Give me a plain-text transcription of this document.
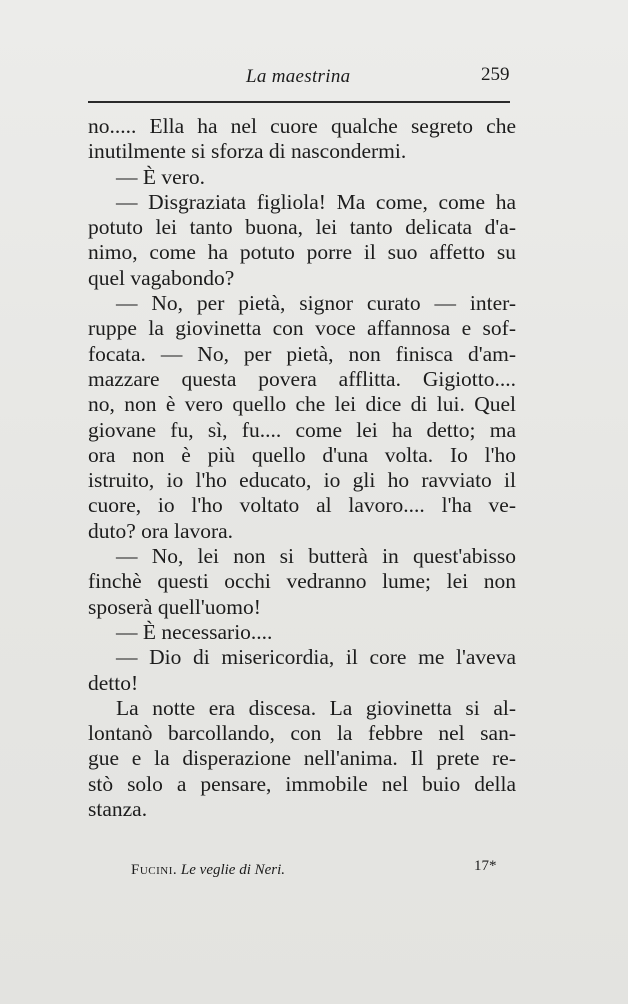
La maestrina	259
no..... Ella ha nel cuore qualche segreto che
inutilmente si sforza di nascondermi.
— È vero.
— Disgraziata figliola! Ma come, come ha
potuto lei tanto buona, lei tanto delicata d'a-
nimo, come ha potuto porre il suo affetto su
quel vagabondo?
— No, per pietà, signor curato — inter-
ruppe la giovinetta con voce affannosa e sof-
focata. — No, per pietà, non finisca d'am-
mazzare questa povera afflitta. Gigiotto....
no, non è vero quello che lei dice di lui. Quel
giovane fu, sì, fu.... come lei ha detto; ma
ora non è più quello d'una volta. Io l'ho
istruito, io l'ho educato, io gli ho ravviato il
cuore, io l'ho voltato al lavoro.... l'ha ve-
duto? ora lavora.
— No, lei non si butterà in quest'abisso
finchè questi occhi vedranno lume; lei non
sposerà quell'uomo!
— È necessario....
— Dio di misericordia, il core me l'aveva
detto!
La notte era discesa. La giovinetta si al-
lontanò barcollando, con la febbre nel san-
gue e la disperazione nell'anima. Il prete re-
stò solo a pensare, immobile nel buio della
stanza.
Fucini. Le veglie di Neri.	17*
